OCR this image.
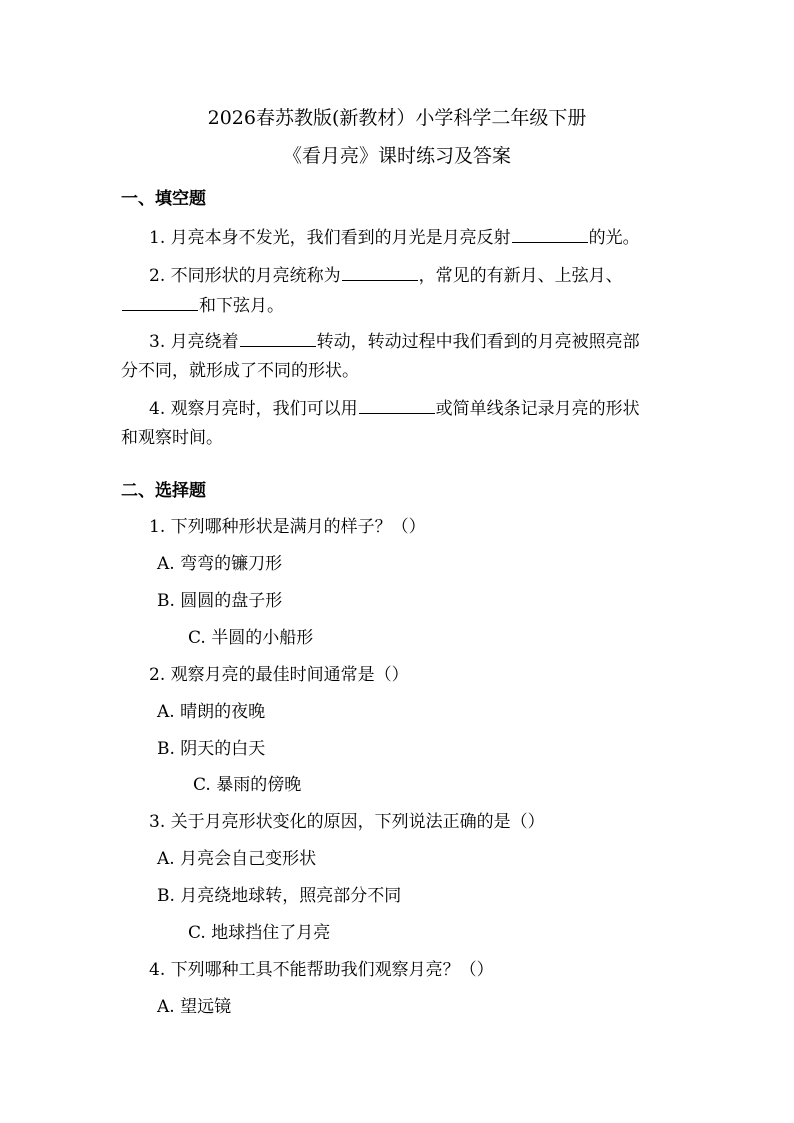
2026春苏教版(新教材）小学科学二年级下册
《看月亮》课时练习及答案
一、填空题
1. 月亮本身不发光，我们看到的月光是月亮反射	的光。
2. 不同形状的月亮统称为	，常见的有新月、上弦月、
和下弦月。
3. 月亮绕着	转动，转动过程中我们看到的月亮被照亮部
分不同，就形成了不同的形状。
4. 观察月亮时，我们可以用	或简单线条记录月亮的形状
和观察时间。
二、选择题
1. 下列哪种形状是满月的样子？（）
A. 弯弯的镰刀形
B. 圆圆的盘子形
C. 半圆的小船形
2. 观察月亮的最佳时间通常是（）
A. 晴朗的夜晚
B. 阴天的白天
C. 暴雨的傍晚
3. 关于月亮形状变化的原因，下列说法正确的是（）
A. 月亮会自己变形状
B. 月亮绕地球转，照亮部分不同
C. 地球挡住了月亮
4. 下列哪种工具不能帮助我们观察月亮？（）
A. 望远镜
